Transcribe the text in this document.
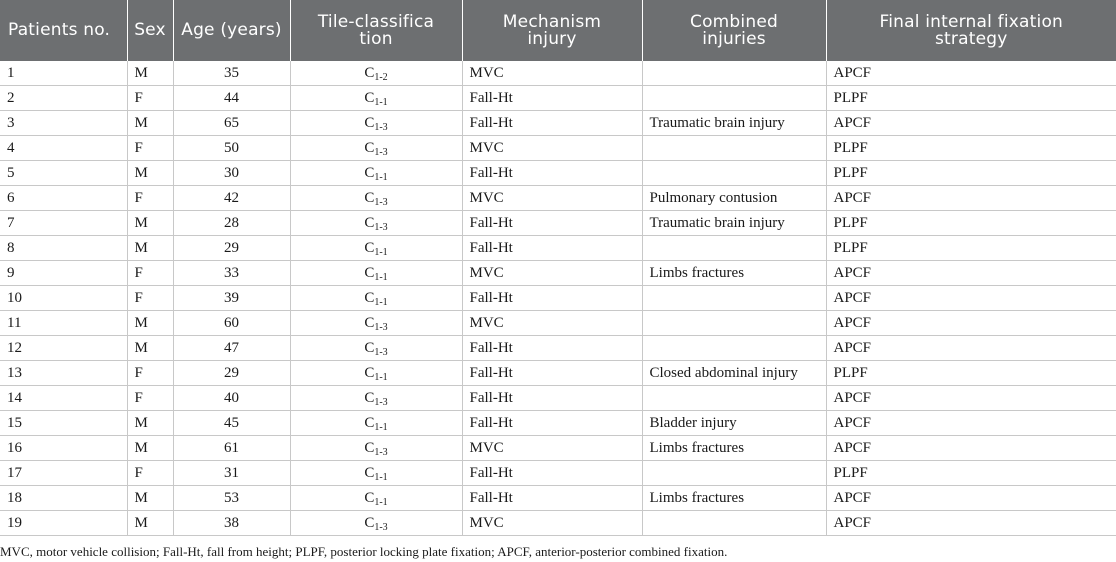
Patients no.	Sex	Age (years)	Tile-classification	Mechanism injury	Combined injuries	Final internal fixation strategy
1	M	35	$C_{1-2}$	MVC		APCF
2	F	44	$C_{1-1}$	Fall-Ht		PLPF
3	M	65	$C_{1-3}$	Fall-Ht	Traumatic brain injury	APCF
4	F	50	$C_{1-3}$	MVC		PLPF
5	M	30	$C_{1-1}$	Fall-Ht		PLPF
6	F	42	$C_{1-3}$	MVC	Pulmonary contusion	APCF
7	M	28	$C_{1-3}$	Fall-Ht	Traumatic brain injury	PLPF
8	M	29	$C_{1-1}$	Fall-Ht		PLPF
9	F	33	$C_{1-1}$	MVC	Limbs fractures	APCF
10	F	39	$C_{1-1}$	Fall-Ht		APCF
11	M	60	$C_{1-3}$	MVC		APCF
12	M	47	$C_{1-3}$	Fall-Ht		APCF
13	F	29	$C_{1-1}$	Fall-Ht	Closed abdominal injury	PLPF
14	F	40	$C_{1-3}$	Fall-Ht		APCF
15	M	45	$C_{1-1}$	Fall-Ht	Bladder injury	APCF
16	M	61	$C_{1-3}$	MVC	Limbs fractures	APCF
17	F	31	$C_{1-1}$	Fall-Ht		PLPF
18	M	53	$C_{1-1}$	Fall-Ht	Limbs fractures	APCF
19	M	38	$C_{1-3}$	MVC		APCF
MVC, motor vehicle collision; Fall-Ht, fall from height; PLPF, posterior locking plate fixation; APCF, anterior-posterior combined fixation.
